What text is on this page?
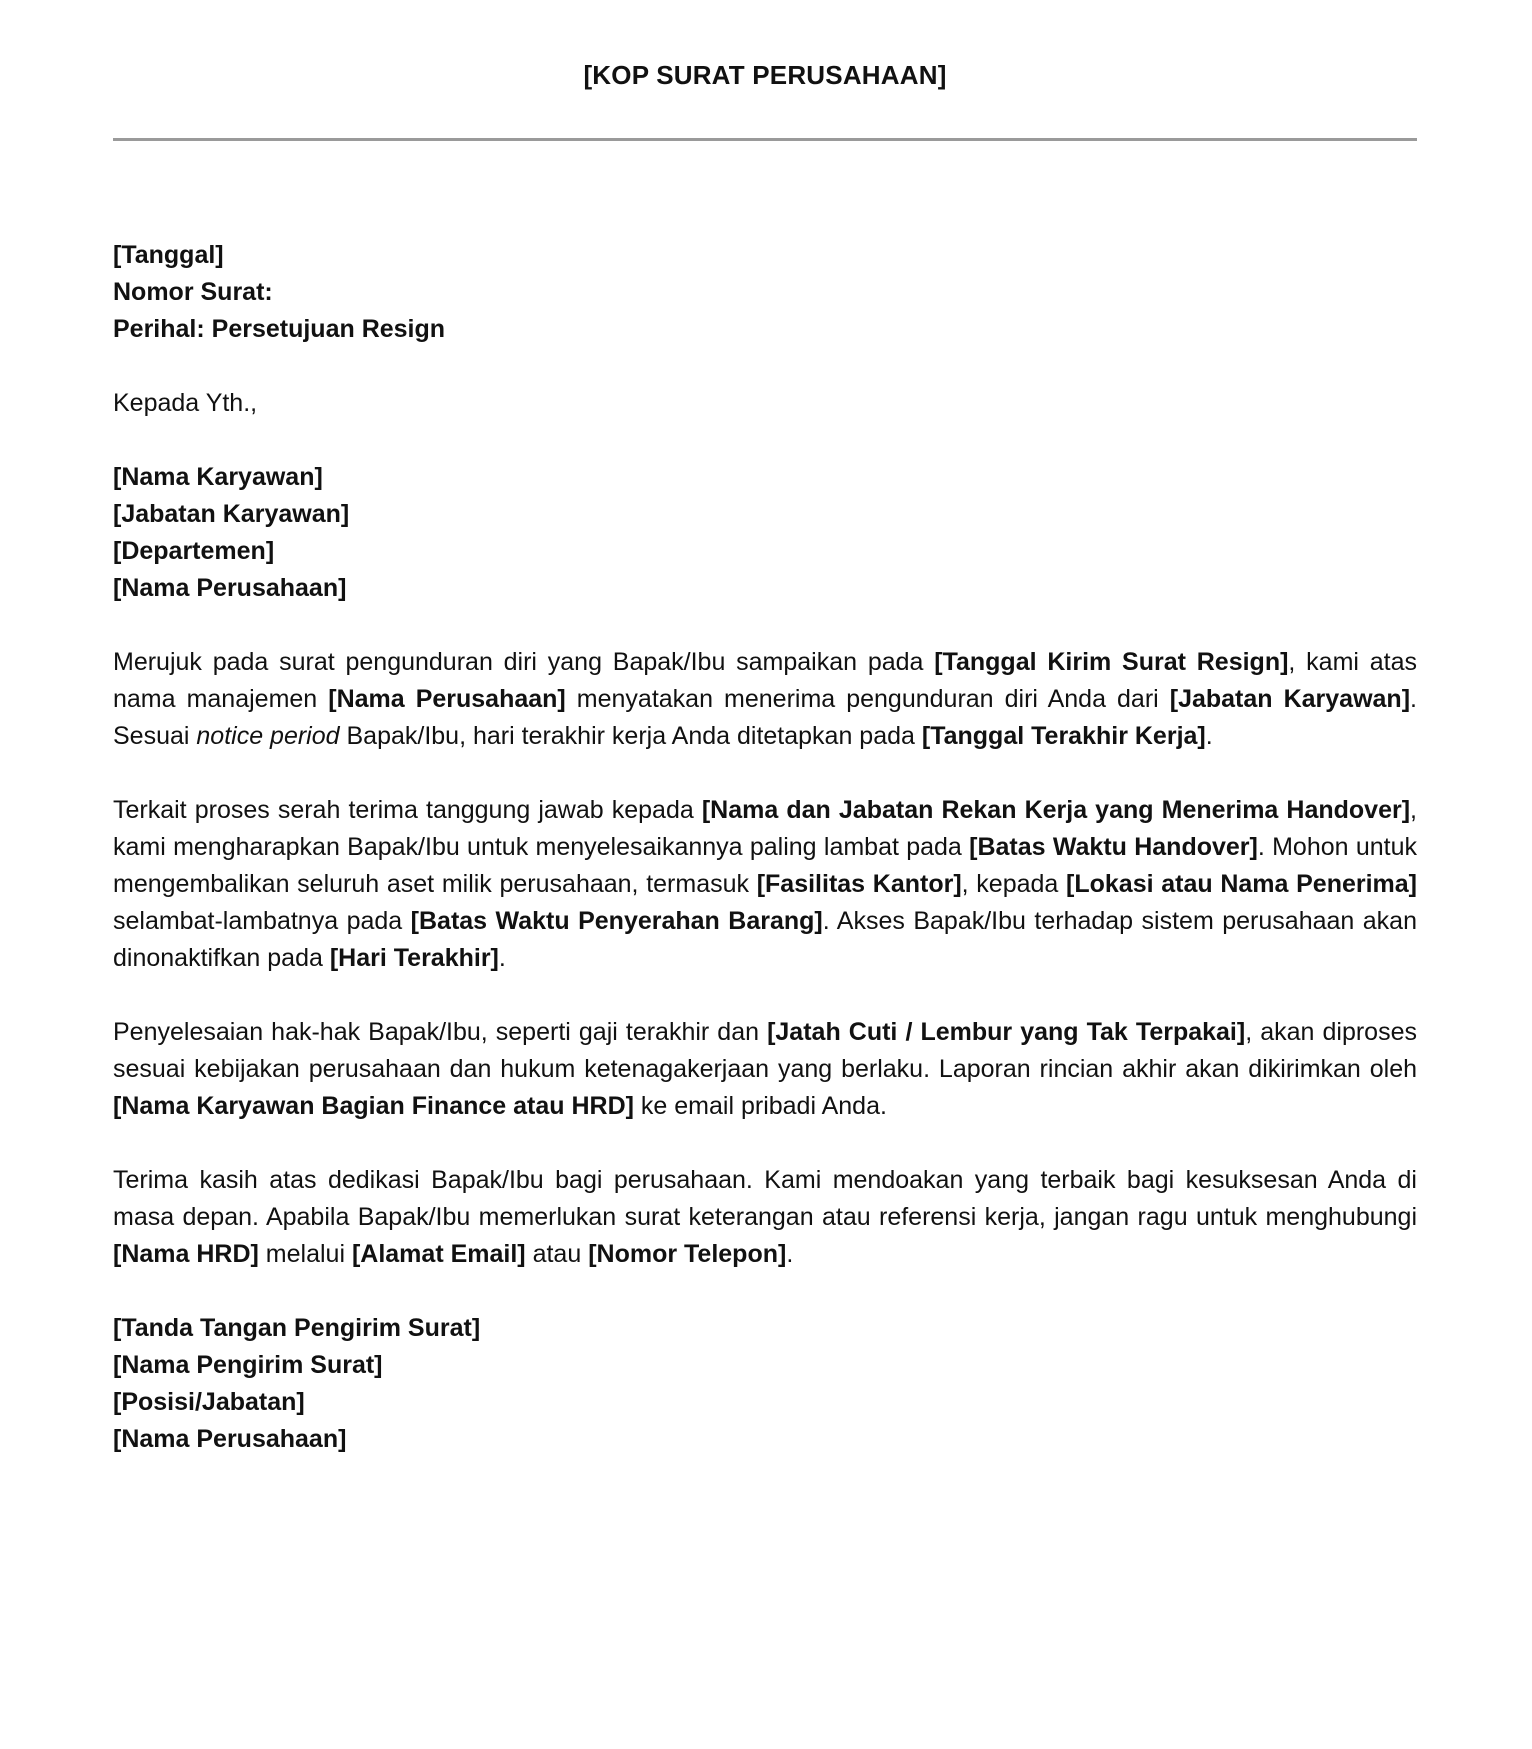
[KOP SURAT PERUSAHAAN]
[Tanggal]
Nomor Surat:
Perihal: Persetujuan Resign
Kepada Yth.,
[Nama Karyawan]
[Jabatan Karyawan]
[Departemen]
[Nama Perusahaan]

Merujuk pada surat pengunduran diri yang Bapak/Ibu sampaikan pada [Tanggal Kirim Surat Resign], kami atas nama manajemen [Nama Perusahaan] menyatakan menerima pengunduran diri Anda dari [Jabatan Karyawan]. Sesuai notice period Bapak/Ibu, hari terakhir kerja Anda ditetapkan pada [Tanggal Terakhir Kerja].

Terkait proses serah terima tanggung jawab kepada [Nama dan Jabatan Rekan Kerja yang Menerima Handover], kami mengharapkan Bapak/Ibu untuk menyelesaikannya paling lambat pada [Batas Waktu Handover]. Mohon untuk mengembalikan seluruh aset milik perusahaan, termasuk [Fasilitas Kantor], kepada [Lokasi atau Nama Penerima] selambat-lambatnya pada [Batas Waktu Penyerahan Barang]. Akses Bapak/Ibu terhadap sistem perusahaan akan dinonaktifkan pada [Hari Terakhir].

Penyelesaian hak-hak Bapak/Ibu, seperti gaji terakhir dan [Jatah Cuti / Lembur yang Tak Terpakai], akan diproses sesuai kebijakan perusahaan dan hukum ketenagakerjaan yang berlaku. Laporan rincian akhir akan dikirimkan oleh [Nama Karyawan Bagian Finance atau HRD] ke email pribadi Anda.

Terima kasih atas dedikasi Bapak/Ibu bagi perusahaan. Kami mendoakan yang terbaik bagi kesuksesan Anda di masa depan. Apabila Bapak/Ibu memerlukan surat keterangan atau referensi kerja, jangan ragu untuk menghubungi [Nama HRD] melalui [Alamat Email] atau [Nomor Telepon].

[Tanda Tangan Pengirim Surat]
[Nama Pengirim Surat]
[Posisi/Jabatan]
[Nama Perusahaan]
